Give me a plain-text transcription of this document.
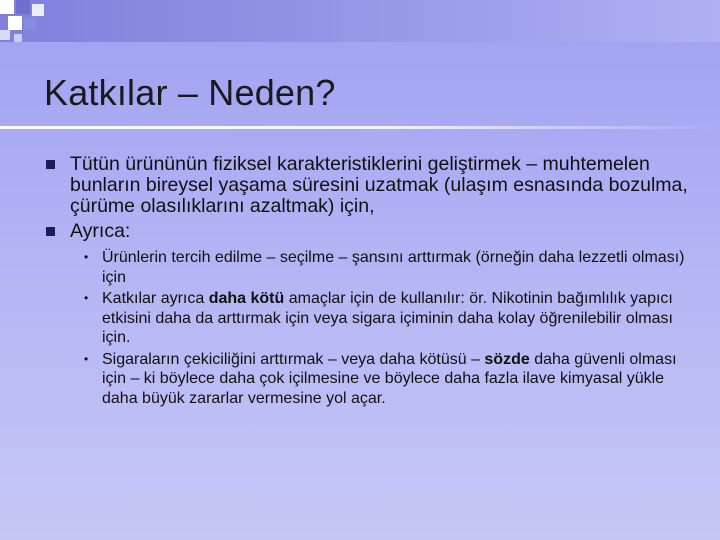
Katkılar – Neden?
Tütün ürününün fiziksel karakteristiklerini geliştirmek – muhtemelen bunların bireysel yaşama süresini uzatmak (ulaşım esnasında bozulma, çürüme olasılıklarını azaltmak) için,
Ayrıca:
• Ürünlerin tercih edilme – seçilme – şansını arttırmak (örneğin daha lezzetli olması) için
• Katkılar ayrıca daha kötü amaçlar için de kullanılır: ör. Nikotinin bağımlılık yapıcı etkisini daha da arttırmak için veya sigara içiminin daha kolay öğrenilebilir olması için.
• Sigaraların çekiciliğini arttırmak – veya daha kötüsü – sözde daha güvenli olması için – ki böylece daha çok içilmesine ve böylece daha fazla ilave kimyasal yükle daha büyük zararlar vermesine yol açar.
